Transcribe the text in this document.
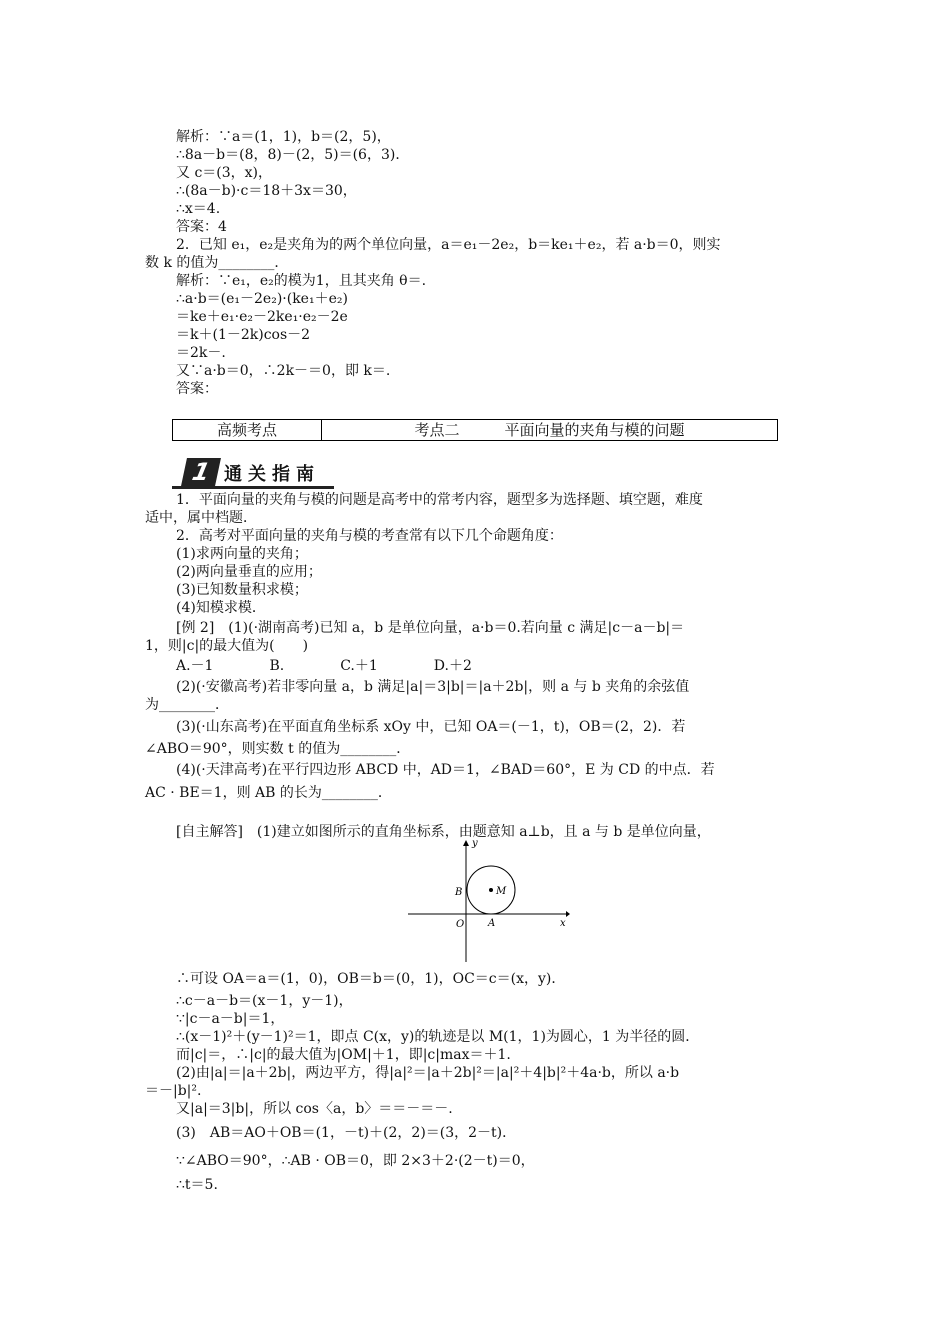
解析：∵a＝(1，1)，b＝(2，5)，
∴8a－b＝(8，8)－(2，5)＝(6，3)．
又 c＝(3，x)，
∴(8a－b)·c＝18＋3x＝30，
∴x＝4.
答案：4
2．已知 e₁，e₂是夹角为的两个单位向量，a＝e₁－2e₂，b＝ke₁＋e₂，若 a·b＝0，则实
数 k 的值为________．
解析：∵e₁，e₂的模为1，且其夹角 θ＝.
∴a·b＝(e₁－2e₂)·(ke₁＋e₂)
＝ke＋e₁·e₂－2ke₁·e₂－2e
＝k＋(1－2k)cos－2
＝2k－.
又∵a·b＝0，∴2k－＝0，即 k＝.
答案：
高频考点	考点二　　　平面向量的夹角与模的问题
1 通关指南
1．平面向量的夹角与模的问题是高考中的常考内容，题型多为选择题、填空题，难度
适中，属中档题．
2．高考对平面向量的夹角与模的考查常有以下几个命题角度：
(1)求两向量的夹角；
(2)两向量垂直的应用；
(3)已知数量积求模；
(4)知模求模．
[例 2]　(1)(·湖南高考)已知 a，b 是单位向量，a·b＝0.若向量 c 满足|c－a－b|＝
1，则|c|的最大值为(　　)
A.－1　　　　B.　　　　C.＋1　　　　D.＋2
(2)(·安徽高考)若非零向量 a，b 满足|a|＝3|b|＝|a＋2b|，则 a 与 b 夹角的余弦值
为________．
(3)(·山东高考)在平面直角坐标系 xOy 中，已知 OA＝(－1，t)，OB＝(2，2)．若
∠ABO＝90°，则实数 t 的值为________．
(4)(·天津高考)在平行四边形 ABCD 中，AD＝1，∠BAD＝60°，E 为 CD 的中点．若
AC · BE＝1，则 AB 的长为________．
[自主解答]　(1)建立如图所示的直角坐标系，由题意知 a⊥b，且 a 与 b 是单位向量，
y
x
O A
B	M
∴可设 OA＝a＝(1，0)，OB＝b＝(0，1)，OC＝c＝(x，y)．
∴c－a－b＝(x－1，y－1)，
∵|c－a－b|＝1，
∴(x－1)²＋(y－1)²＝1，即点 C(x，y)的轨迹是以 M(1，1)为圆心，1 为半径的圆．
而|c|＝，∴|c|的最大值为|OM|＋1，即|c|max＝＋1.
(2)由|a|＝|a＋2b|，两边平方，得|a|²＝|a＋2b|²＝|a|²＋4|b|²＋4a·b，所以 a·b
＝－|b|².
又|a|＝3|b|，所以 cos〈a，b〉＝＝－＝－.
(3)　AB＝AO＋OB＝(1，－t)＋(2，2)＝(3，2－t)．
∵∠ABO＝90°，∴AB · OB＝0，即 2×3＋2·(2－t)＝0，
∴t＝5.
